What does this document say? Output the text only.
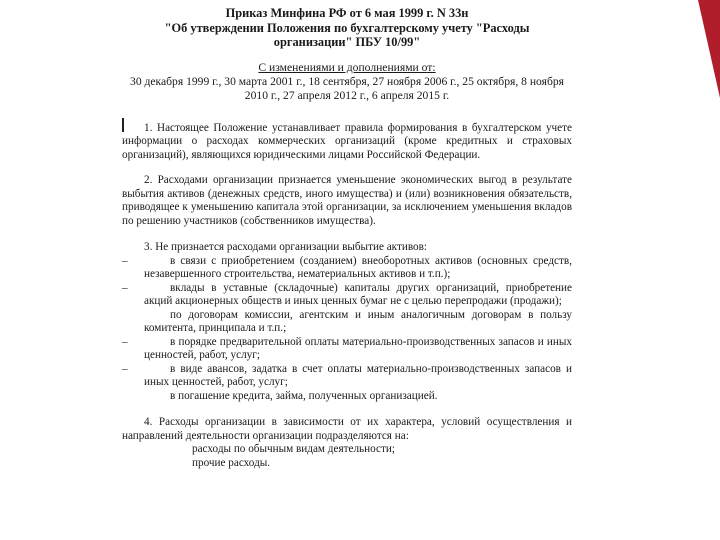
Приказ Минфина РФ от 6 мая 1999 г. N 33н

"Об утверждении Положения по бухгалтерскому учету "Расходы

организации" ПБУ 10/99"

С изменениями и дополнениями от:
30 декабря 1999 г., 30 марта 2001 г., 18 сентября, 27 ноября 2006 г., 25 октября, 8 ноября 2010 г., 27 апреля 2012 г., 6 апреля 2015 г.

1. Настоящее Положение устанавливает правила формирования в бухгалтерском учете информации о расходах коммерческих организаций (кроме кредитных и страховых организаций), являющихся юридическими лицами Российской Федерации.

2. Расходами организации признается уменьшение экономических выгод в результате выбытия активов (денежных средств, иного имущества) и (или) возникновения обязательств, приводящее к уменьшению капитала этой организации, за исключением уменьшения вкладов по решению участников (собственников имущества).

3. Не признается расходами организации выбытие активов:

–	в связи с приобретением (созданием) внеоборотных активов (основных средств, незавершенного строительства, нематериальных активов и т.п.);
–	вклады в уставные (складочные) капиталы других организаций, приобретение акций акционерных обществ и иных ценных бумаг не с целью перепродажи (продажи);
по договорам комиссии, агентским и иным аналогичным договорам в пользу комитента, принципала и т.п.;
–	в порядке предварительной оплаты материально-производственных запасов и иных ценностей, работ, услуг;
–	в виде авансов, задатка в счет оплаты материально-производственных запасов и иных ценностей, работ, услуг;
в погашение кредита, займа, полученных организацией.

4. Расходы организации в зависимости от их характера, условий осуществления и направлений деятельности организации подразделяются на:

расходы по обычным видам деятельности;

прочие расходы.
